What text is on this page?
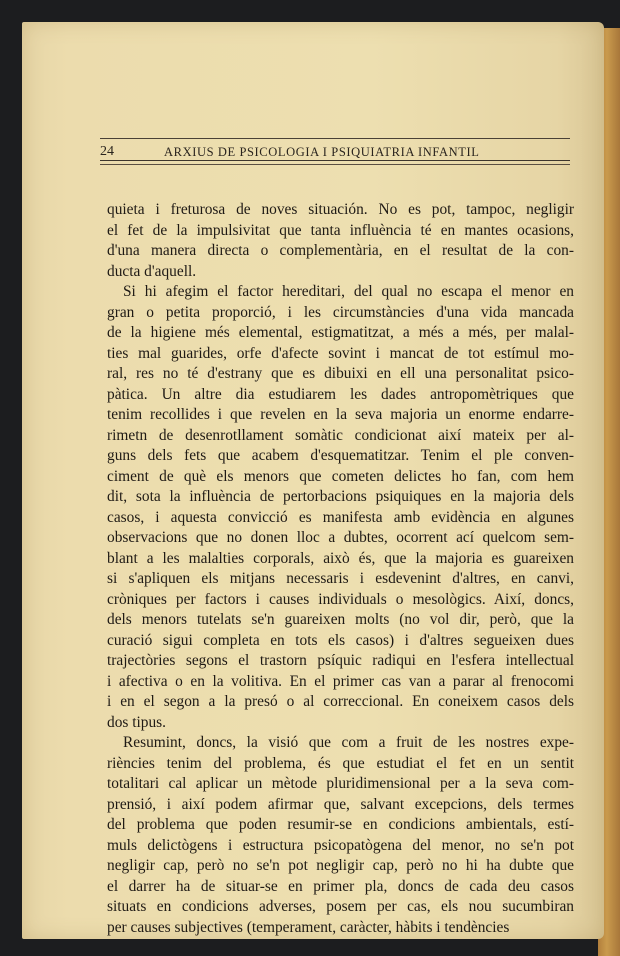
24	ARXIUS DE PSICOLOGIA I PSIQUIATRIA INFANTIL
quieta i freturosa de noves situación. No es pot, tampoc, negligir
el fet de la impulsivitat que tanta influència té en mantes ocasions,
d'una manera directa o complementària, en el resultat de la con-
ducta d'aquell.
Si hi afegim el factor hereditari, del qual no escapa el menor en
gran o petita proporció, i les circumstàncies d'una vida mancada
de la higiene més elemental, estigmatitzat, a més a més, per malal-
ties mal guarides, orfe d'afecte sovint i mancat de tot estímul mo-
ral, res no té d'estrany que es dibuixi en ell una personalitat psico-
pàtica. Un altre dia estudiarem les dades antropomètriques que
tenim recollides i que revelen en la seva majoria un enorme endarre-
rimetn de desenrotllament somàtic condicionat així mateix per al-
guns dels fets que acabem d'esquematitzar. Tenim el ple conven-
ciment de què els menors que cometen delictes ho fan, com hem
dit, sota la influència de pertorbacions psiquiques en la majoria dels
casos, i aquesta convicció es manifesta amb evidència en algunes
observacions que no donen lloc a dubtes, ocorrent ací quelcom sem-
blant a les malalties corporals, això és, que la majoria es guareixen
si s'apliquen els mitjans necessaris i esdevenint d'altres, en canvi,
cròniques per factors i causes individuals o mesològics. Així, doncs,
dels menors tutelats se'n guareixen molts (no vol dir, però, que la
curació sigui completa en tots els casos) i d'altres segueixen dues
trajectòries segons el trastorn psíquic radiqui en l'esfera intellectual
i afectiva o en la volitiva. En el primer cas van a parar al frenocomi
i en el segon a la presó o al correccional. En coneixem casos dels
dos tipus.
Resumint, doncs, la visió que com a fruit de les nostres expe-
riències tenim del problema, és que estudiat el fet en un sentit
totalitari cal aplicar un mètode pluridimensional per a la seva com-
prensió, i així podem afirmar que, salvant excepcions, dels termes
del problema que poden resumir-se en condicions ambientals, estí-
muls delictògens i estructura psicopatògena del menor, no se'n pot
negligir cap, però no se'n pot negligir cap, però no hi ha dubte que
el darrer ha de situar-se en primer pla, doncs de cada deu casos
situats en condicions adverses, posem per cas, els nou sucumbiran
per causes subjectives (temperament, caràcter, hàbits i tendències
